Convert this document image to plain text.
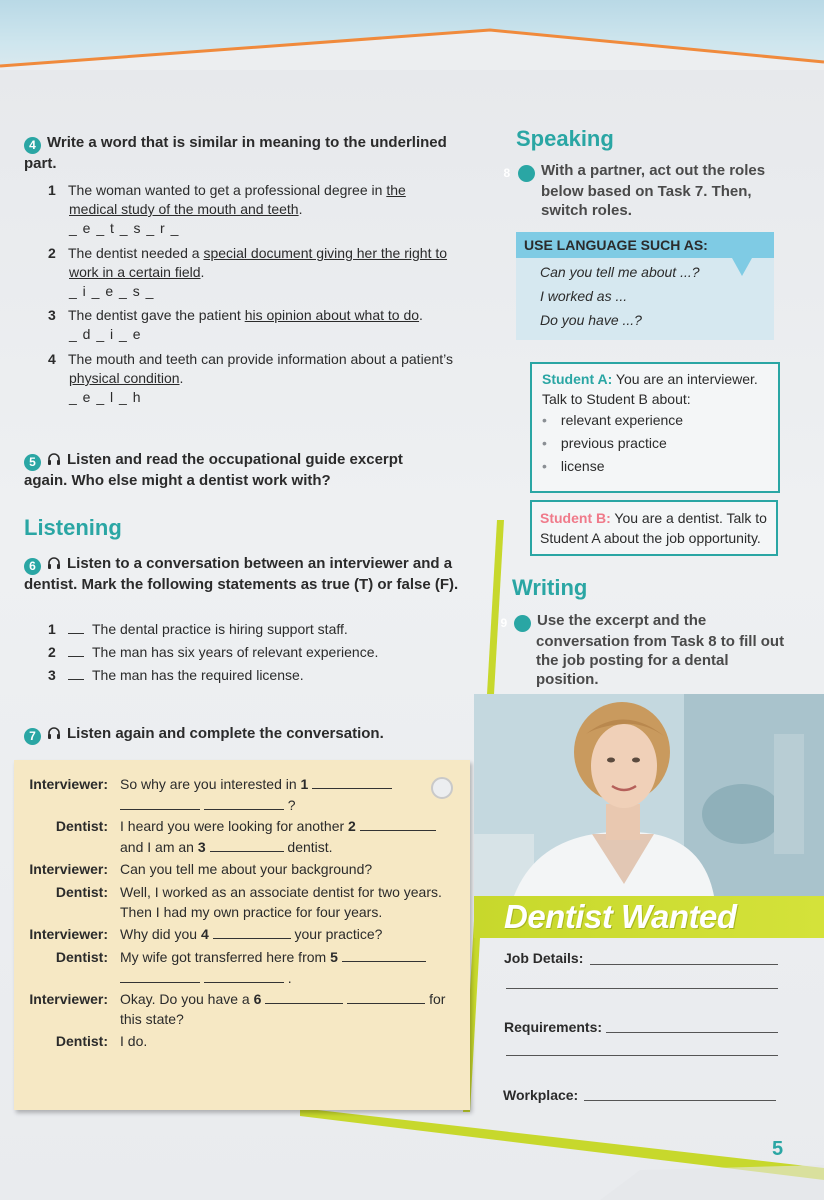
4 Write a word that is similar in meaning to the underlined part.
1 The woman wanted to get a professional degree in the
medical study of the mouth and teeth.
_ e _ t _ s _ r _
2 The dentist needed a special document giving her the right to
work in a certain field.
_ i _ e _ s _
3 The dentist gave the patient his opinion about what to do.
_ d _ i _ e
4 The mouth and teeth can provide information about a patient’s
physical condition.
_ e _ l _ h
5 Listen and read the occupational guide excerpt again. Who else might a dentist work with?
Listening
6 Listen to a conversation between an interviewer and a dentist. Mark the following statements as true (T) or false (F).
1	The dental practice is hiring support staff.
2	The man has six years of relevant experience.
3	The man has the required license.
7 Listen again and complete the conversation.
Interviewer: So why are you interested in 1
?
Dentist: I heard you were looking for another 2
and I am an 3	dentist.
Interviewer: Can you tell me about your background?
Dentist: Well, I worked as an associate dentist for two years.
Then I had my own practice for four years.
Interviewer: Why did you 4	your practice?
Dentist: My wife got transferred here from 5
.
Interviewer: Okay. Do you have a 6	for
this state?
Dentist: I do.
Speaking
With a partner, act out the roles below based on Task 7. Then, switch roles.
USE LANGUAGE SUCH AS:
Can you tell me about ...?
I worked as ...
Do you have ...?
Student A: You are an interviewer.
Talk to Student B about:
• relevant experience
• previous practice
• license
Student B: You are a dentist. Talk to
Student A about the job opportunity.
Writing
Use the excerpt and the conversation from Task 8 to fill out the job posting for a dental position.
Dentist Wanted
Job Details:
Requirements:
Workplace:
5
